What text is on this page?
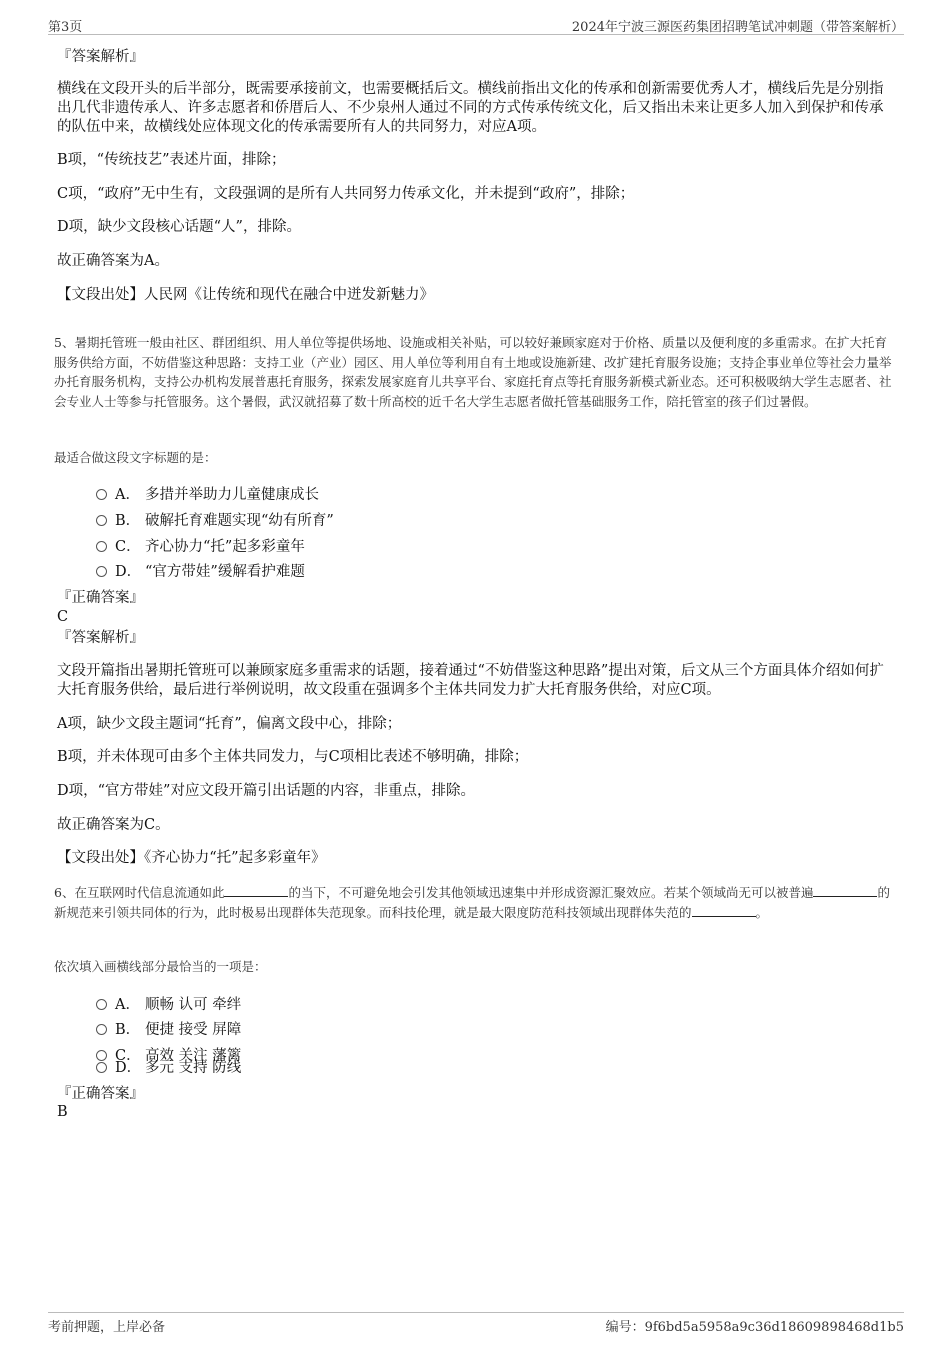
第3页	2024年宁波三源医药集团招聘笔试冲刺题（带答案解析）
『答案解析』
横线在文段开头的后半部分，既需要承接前文，也需要概括后文。横线前指出文化的传承和创新需要优秀人才，横线后先是分别指出几代非遗传承人、许多志愿者和侨厝后人、不少泉州人通过不同的方式传承传统文化，后又指出未来让更多人加入到保护和传承的队伍中来，故横线处应体现文化的传承需要所有人的共同努力，对应A项。
B项，“传统技艺”表述片面，排除；
C项，“政府”无中生有，文段强调的是所有人共同努力传承文化，并未提到“政府”，排除；
D项，缺少文段核心话题“人”，排除。
故正确答案为A。
【文段出处】人民网《让传统和现代在融合中迸发新魅力》
5、暑期托管班一般由社区、群团组织、用人单位等提供场地、设施或相关补贴，可以较好兼顾家庭对于价格、质量以及便利度的多重需求。在扩大托育服务供给方面，不妨借鉴这种思路：支持工业（产业）园区、用人单位等利用自有土地或设施新建、改扩建托育服务设施；支持企事业单位等社会力量举办托育服务机构，支持公办机构发展普惠托育服务，探索发展家庭育儿共享平台、家庭托育点等托育服务新模式新业态。还可积极吸纳大学生志愿者、社会专业人士等参与托管服务。这个暑假，武汉就招募了数十所高校的近千名大学生志愿者做托管基础服务工作，陪托管室的孩子们过暑假。
最适合做这段文字标题的是：
A． 多措并举助力儿童健康成长
B． 破解托育难题实现“幼有所育”
C． 齐心协力“托”起多彩童年
D． “官方带娃”缓解看护难题
『正确答案』
C
『答案解析』
文段开篇指出暑期托管班可以兼顾家庭多重需求的话题，接着通过“不妨借鉴这种思路”提出对策，后文从三个方面具体介绍如何扩大托育服务供给，最后进行举例说明，故文段重在强调多个主体共同发力扩大托育服务供给，对应C项。
A项，缺少文段主题词“托育”，偏离文段中心，排除；
B项，并未体现可由多个主体共同发力，与C项相比表述不够明确，排除；
D项，“官方带娃”对应文段开篇引出话题的内容，非重点，排除。
故正确答案为C。
【文段出处】《齐心协力“托”起多彩童年》
6、在互联网时代信息流通如此	的当下，不可避免地会引发其他领域迅速集中并形成资源汇聚效应。若某个领域尚无可以被普遍	的新规范来引领共同体的行为，此时极易出现群体失范现象。而科技伦理，就是最大限度防范科技领域出现群体失范的	。
依次填入画横线部分最恰当的一项是：
A． 顺畅 认可 牵绊
B． 便捷 接受 屏障
C． 高效 关注 藩篱
D． 多元 支持 防线
『正确答案』
B
考前押题，上岸必备	编号：9f6bd5a5958a9c36d18609898468d1b5
